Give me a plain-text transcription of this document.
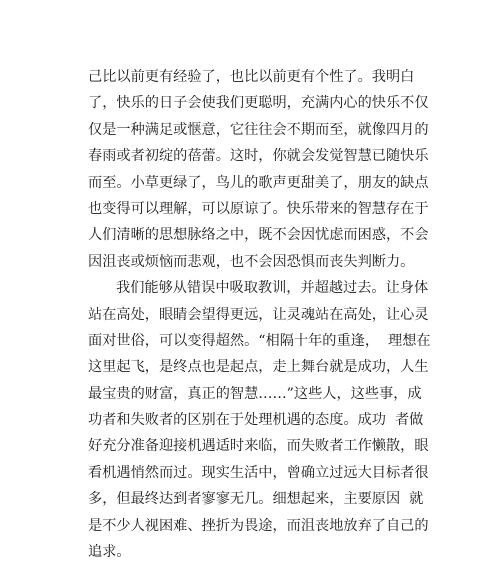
己比以前更有经验了，也比以前更有个性了。我明白
了，快乐的日子会使我们更聪明，充满内心的快乐不仅
仅是一种满足或惬意，它往往会不期而至，就像四月的
春雨或者初绽的蓓蕾。这时，你就会发觉智慧已随快乐
而至。小草更绿了，鸟儿的歌声更甜美了，朋友的缺点
也变得可以理解，可以原谅了。快乐带来的智慧存在于
人们清晰的思想脉络之中，既不会因忧虑而困惑，不会
因沮丧或烦恼而悲观，也不会因恐惧而丧失判断力。
我们能够从错误中吸取教训，并超越过去。让身体
站在高处，眼睛会望得更远，让灵魂站在高处，让心灵
面对世俗，可以变得超然。“相隔十年的重逢，  理想在
这里起飞，是终点也是起点，走上舞台就是成功，人生
最宝贵的财富，真正的智慧……”这些人，这些事，成
功者和失败者的区别在于处理机遇的态度。成功  者做
好充分准备迎接机遇适时来临，而失败者工作懒散，眼
看机遇悄然而过。现实生活中，曾确立过远大目标者很
多，但最终达到者寥寥无几。细想起来，主要原因  就
是不少人视困难、挫折为畏途，而沮丧地放弃了自己的
追求。
